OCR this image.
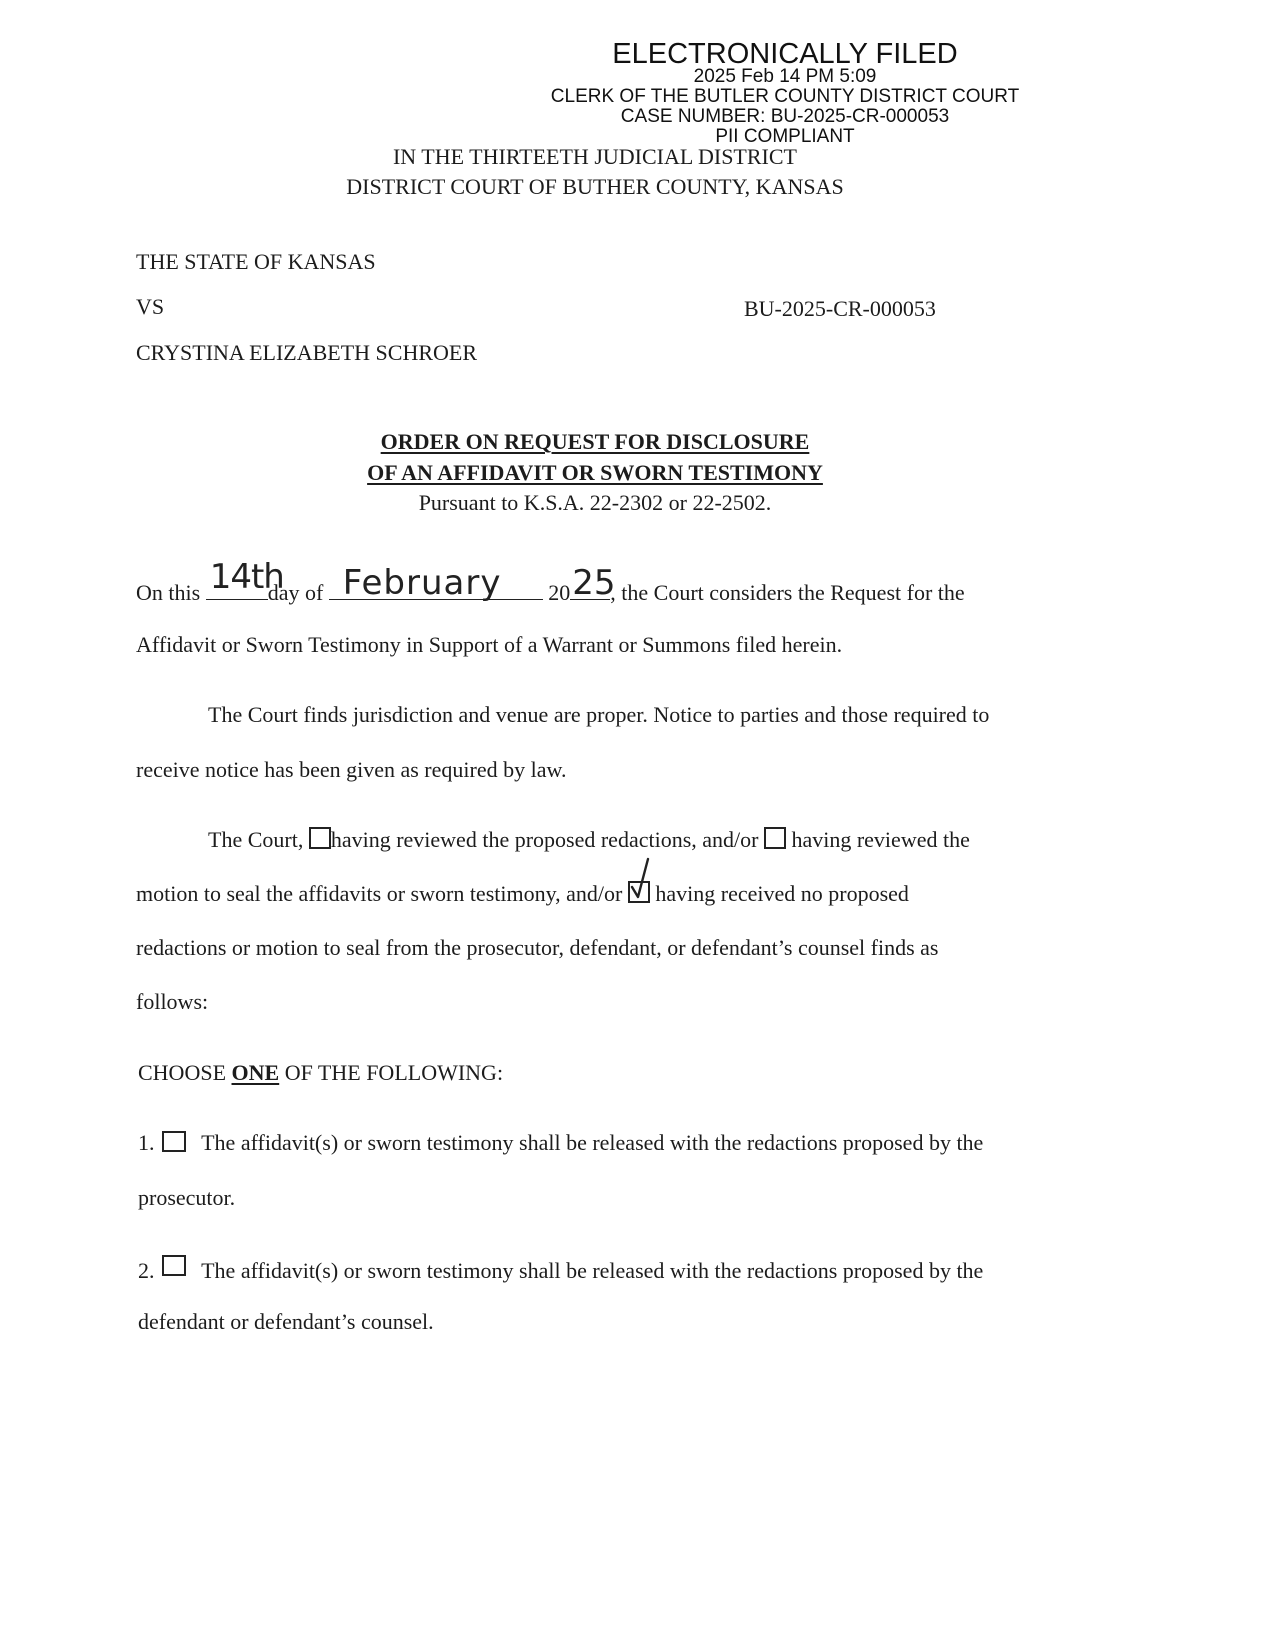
ELECTRONICALLY FILED
2025 Feb 14 PM 5:09
CLERK OF THE BUTLER COUNTY DISTRICT COURT
CASE NUMBER: BU-2025-CR-000053
PII COMPLIANT
IN THE THIRTEETH JUDICIAL DISTRICT
DISTRICT COURT OF BUTHER COUNTY, KANSAS
THE STATE OF KANSAS
VS	BU-2025-CR-000053
CRYSTINA ELIZABETH SCHROER
ORDER ON REQUEST FOR DISCLOSURE
OF AN AFFIDAVIT OR SWORN TESTIMONY
Pursuant to K.S.A. 22-2302 or 22-2502.
On this 14th
day of February 20 25
, the Court considers the Request for the
Affidavit or Sworn Testimony in Support of a Warrant or Summons filed herein.
The Court finds jurisdiction and venue are proper. Notice to parties and those required to
receive notice has been given as required by law.
The Court, having reviewed the proposed redactions, and/or having reviewed the
motion to seal the affidavits or sworn testimony, and/or having received no proposed
redactions or motion to seal from the prosecutor, defendant, or defendant’s counsel finds as
follows:
CHOOSE ONE OF THE FOLLOWING:
1. The affidavit(s) or sworn testimony shall be released with the redactions proposed by the
prosecutor.
2. The affidavit(s) or sworn testimony shall be released with the redactions proposed by the
defendant or defendant’s counsel.
